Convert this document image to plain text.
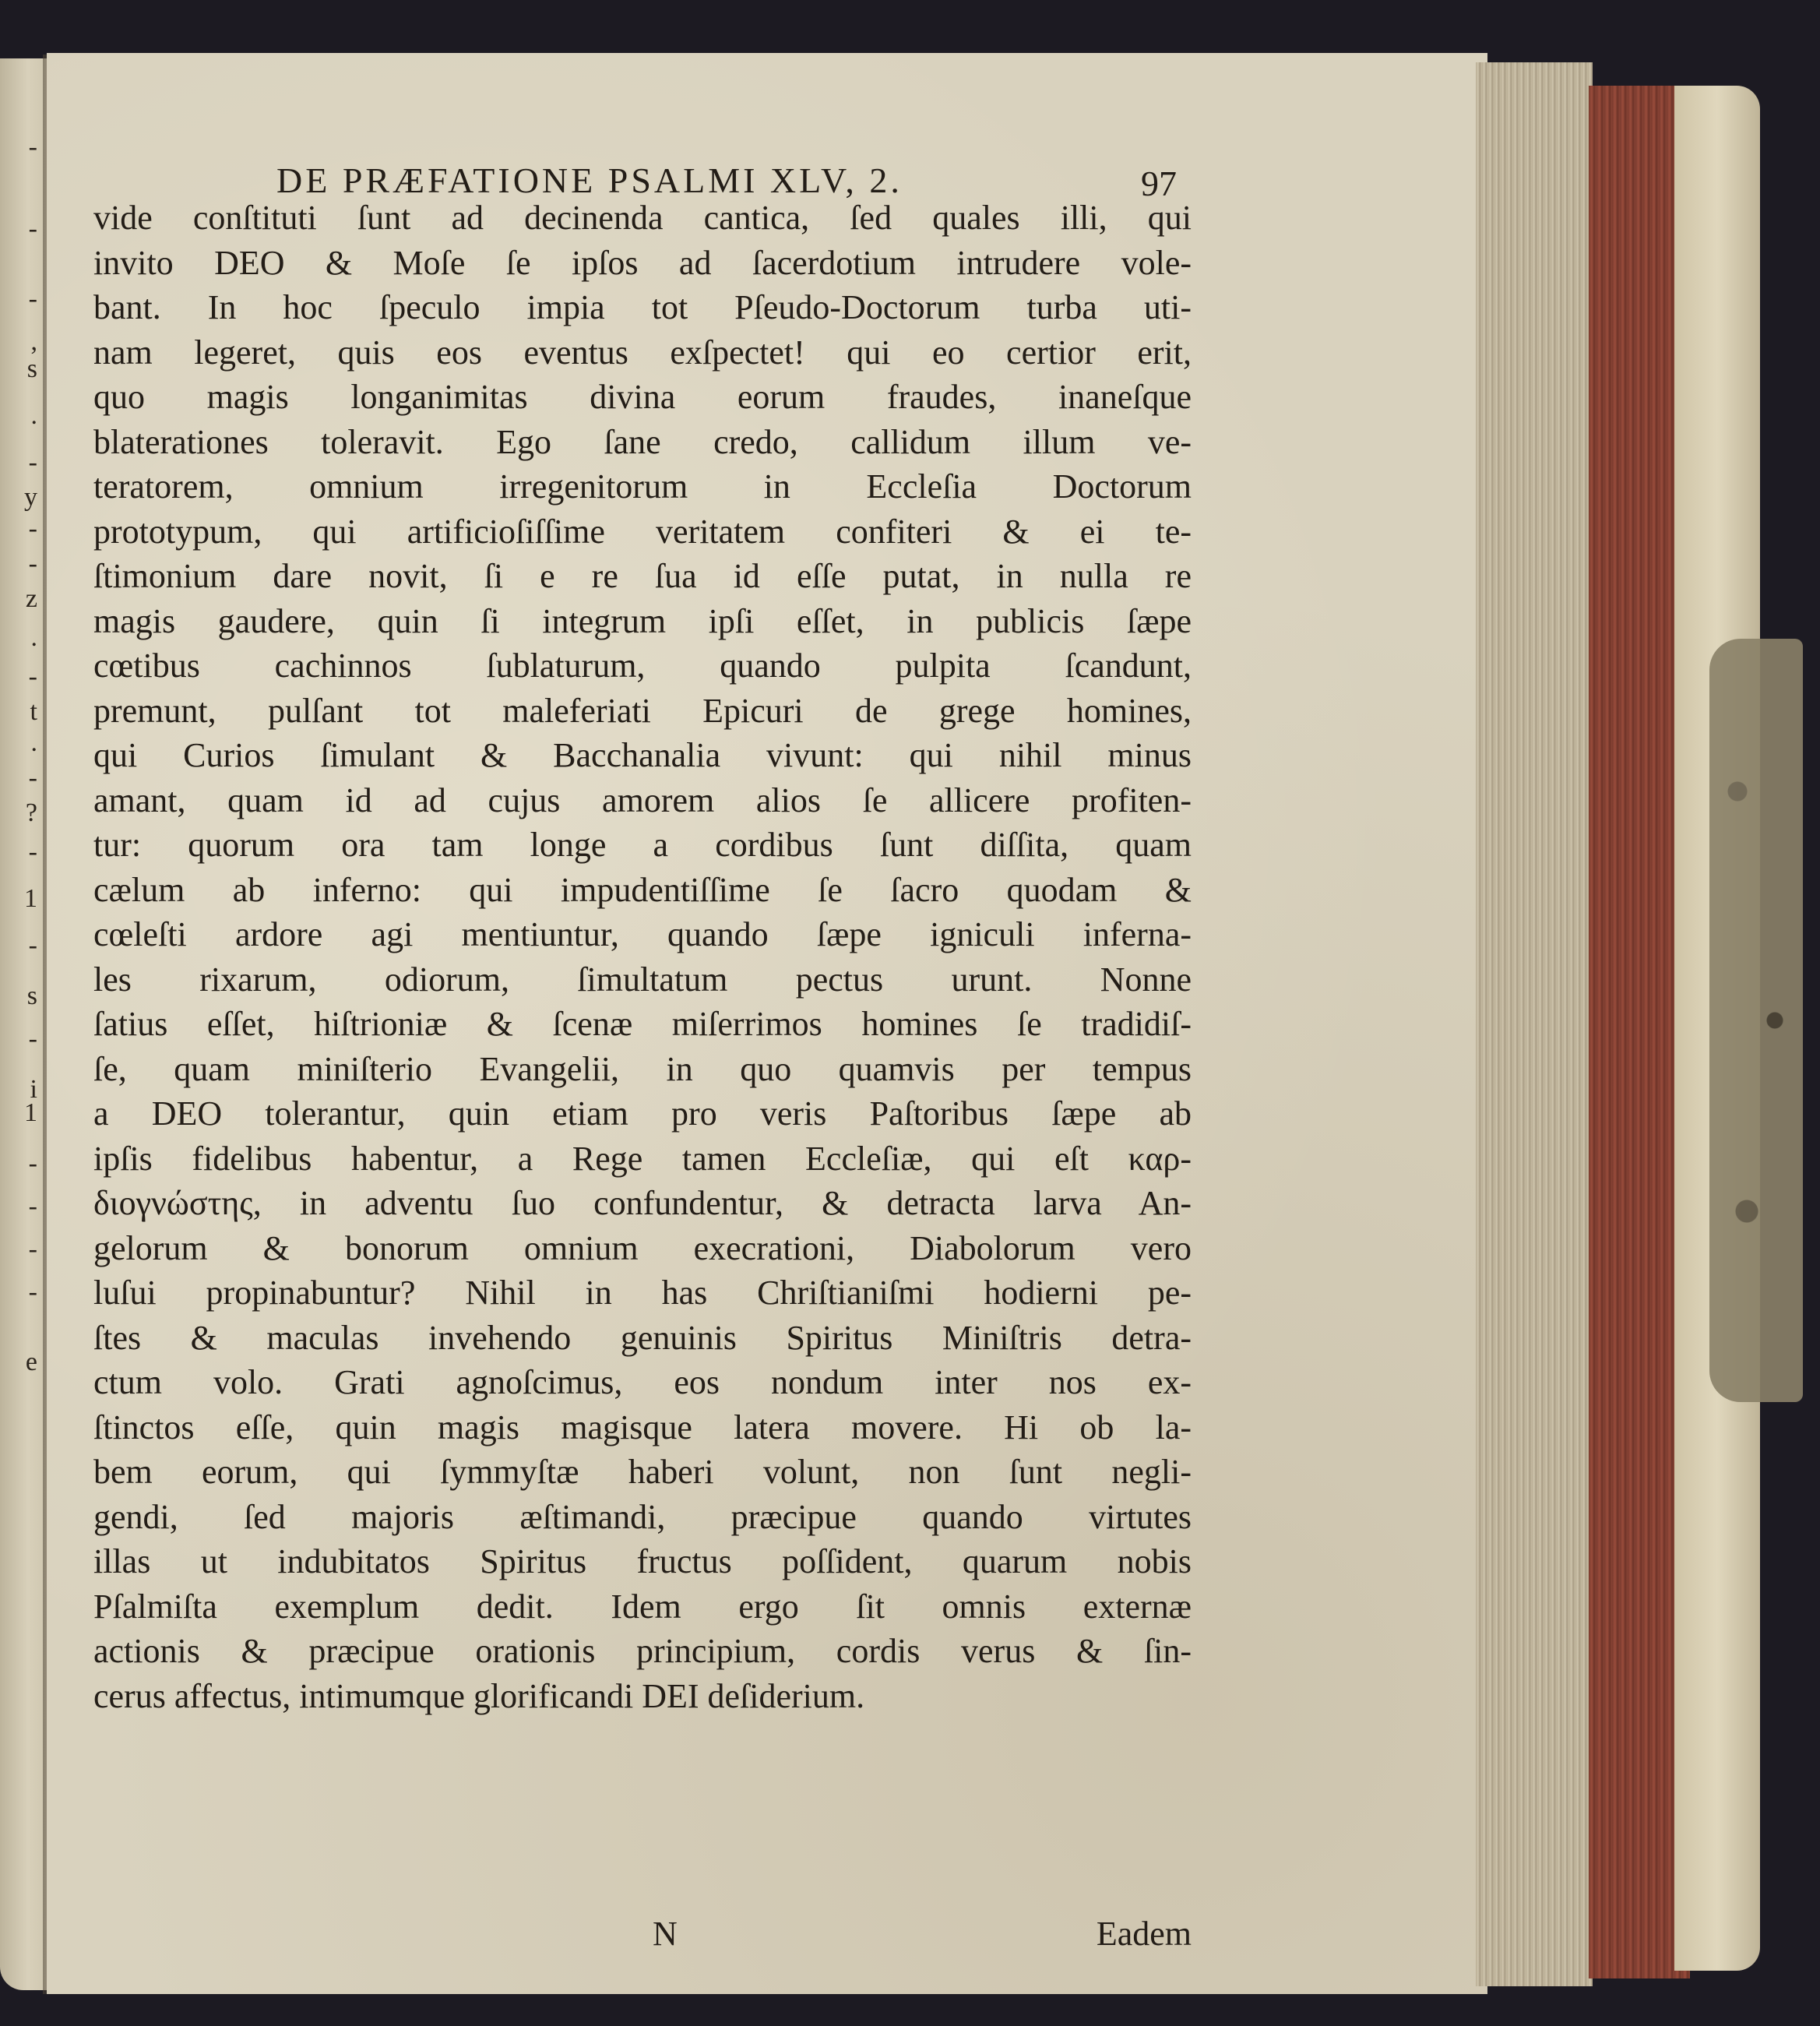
-
-
-
,
s
.
-
y
-
-
z
.
-
t
.
-
?
-
1
-
s
-
i
1
-
-
-
-
e
DE PRÆFATIONE PSALMI XLV, 2.	97
N	Eadem
vide conſtituti ſunt ad decinenda cantica, ſed quales illi, qui
invito DEO & Moſe ſe ipſos ad ſacerdotium intrudere vole-
bant. In hoc ſpeculo impia tot Pſeudo-Doctorum turba uti-
nam legeret, quis eos eventus exſpectet! qui eo certior erit,
quo magis longanimitas divina eorum fraudes, inaneſque
blaterationes toleravit. Ego ſane credo, callidum illum ve-
teratorem, omnium irregenitorum in Eccleſia Doctorum
prototypum, qui artificioſiſſime veritatem confiteri & ei te-
ſtimonium dare novit, ſi e re ſua id eſſe putat, in nulla re
magis gaudere, quin ſi integrum ipſi eſſet, in publicis ſæpe
cœtibus cachinnos ſublaturum, quando pulpita ſcandunt,
premunt, pulſant tot maleferiati Epicuri de grege homines,
qui Curios ſimulant & Bacchanalia vivunt: qui nihil minus
amant, quam id ad cujus amorem alios ſe allicere profiten-
tur: quorum ora tam longe a cordibus ſunt diſſita, quam
cælum ab inferno: qui impudentiſſime ſe ſacro quodam &
cœleſti ardore agi mentiuntur, quando ſæpe igniculi inferna-
les rixarum, odiorum, ſimultatum pectus urunt. Nonne
ſatius eſſet, hiſtrioniæ & ſcenæ miſerrimos homines ſe tradidiſ-
ſe, quam miniſterio Evangelii, in quo quamvis per tempus
a DEO tolerantur, quin etiam pro veris Paſtoribus ſæpe ab
ipſis fidelibus habentur, a Rege tamen Eccleſiæ, qui eſt καρ-
διογνώστης, in adventu ſuo confundentur, & detracta larva An-
gelorum & bonorum omnium execrationi, Diabolorum vero
luſui propinabuntur? Nihil in has Chriſtianiſmi hodierni pe-
ſtes & maculas invehendo genuinis Spiritus Miniſtris detra-
ctum volo. Grati agnoſcimus, eos nondum inter nos ex-
ſtinctos eſſe, quin magis magisque latera movere. Hi ob la-
bem eorum, qui ſymmyſtæ haberi volunt, non ſunt negli-
gendi, ſed majoris æſtimandi, præcipue quando virtutes
illas ut indubitatos Spiritus fructus poſſident, quarum nobis
Pſalmiſta exemplum dedit. Idem ergo ſit omnis externæ
actionis & præcipue orationis principium, cordis verus & ſin-
cerus affectus, intimumque glorificandi DEI deſiderium.
